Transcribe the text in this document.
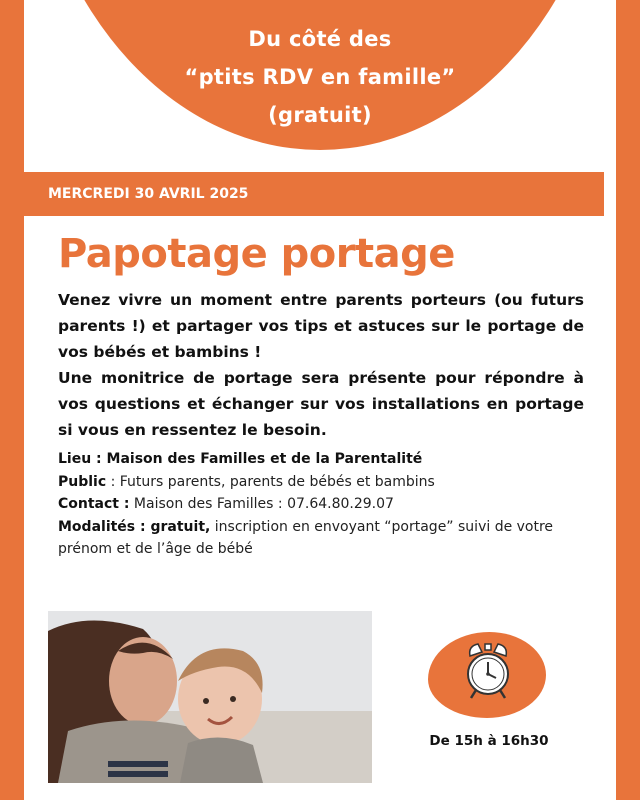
Du côté des
“ptits RDV en famille”
(gratuit)
MERCREDI 30 AVRIL 2025
Papotage portage

Venez vivre un moment entre parents porteurs (ou futurs parents !) et partager vos tips et astuces sur le portage de vos bébés et bambins !

Une monitrice de portage sera présente pour répondre à vos questions et échanger sur vos installations en portage si vous en ressentez le besoin.

Lieu : Maison des Familles et de la Parentalité

Public : Futurs parents, parents de bébés et bambins

Contact : Maison des Familles : 07.64.80.29.07

Modalités : gratuit, inscription en envoyant “portage” suivi de votre prénom et de l’âge de bébé

De 15h à 16h30
